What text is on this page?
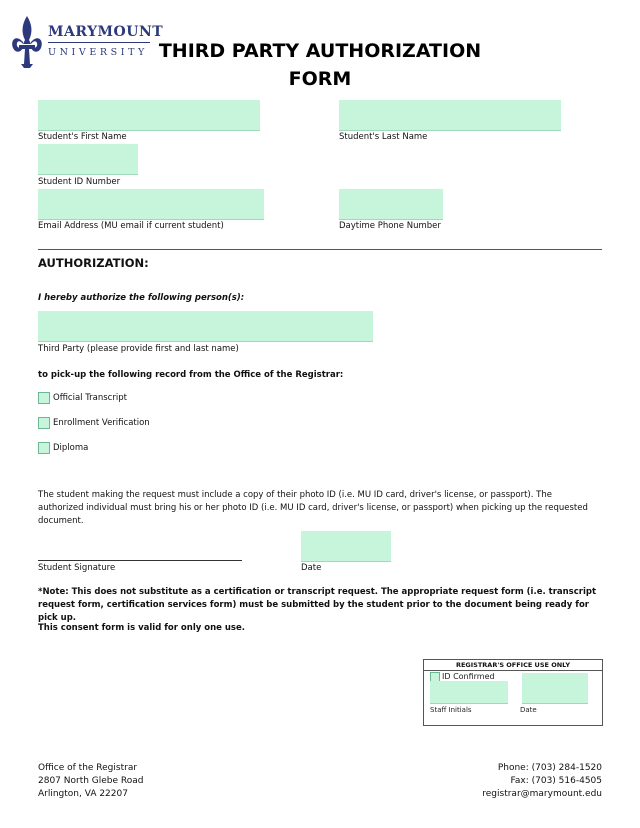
MARYMOUNT
UNIVERSITY THIRD PARTY AUTHORIZATION
FORM
Student's First Name	Student's Last Name
Student ID Number
Email Address (MU email if current student)	Daytime Phone Number
AUTHORIZATION:
I hereby authorize the following person(s):
Third Party (please provide first and last name)
to pick-up the following record from the Office of the Registrar:
Official Transcript
Enrollment Verification
Diploma
The student making the request must include a copy of their photo ID (i.e. MU ID card, driver's license, or passport). The authorized individual must bring his or her photo ID (i.e. MU ID card, driver's license, or passport) when picking up the requested document.
Student Signature	Date
*Note: This does not substitute as a certification or transcript request. The appropriate request form (i.e. transcript request form, certification services form) must be submitted by the student prior to the document being ready for pick up.
This consent form is valid for only one use.
REGISTRAR'S OFFICE USE ONLY
ID Confirmed
Staff Initials	Date
Office of the Registrar
2807 North Glebe Road
Arlington, VA 22207
Phone: (703) 284-1520
Fax: (703) 516-4505
registrar@marymount.edu
